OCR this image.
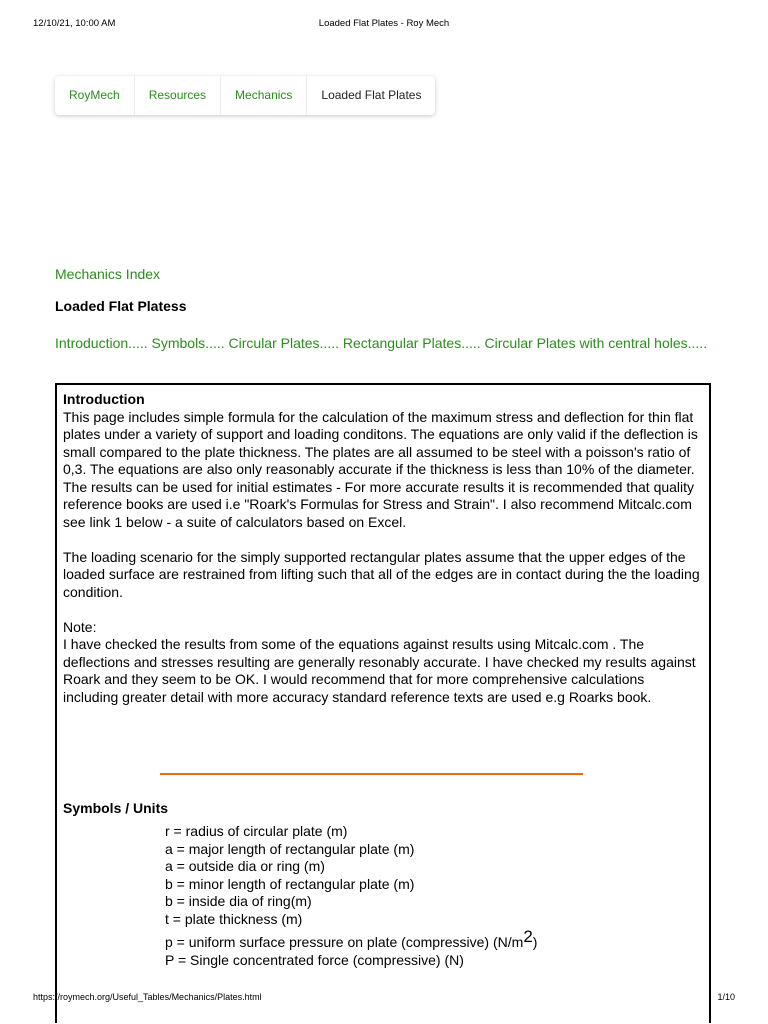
12/10/21, 10:00 AM	Loaded Flat Plates - Roy Mech
RoyMech	Resources	Mechanics	Loaded Flat Plates
Mechanics Index
Loaded Flat Platess
Introduction..... Symbols..... Circular Plates..... Rectangular Plates..... Circular Plates with central holes.....

Introduction

This page includes simple formula for the calculation of the maximum stress and deflection for thin flat plates under a variety of support and loading conditons. The equations are only valid if the deflection is small compared to the plate thickness. The plates are all assumed to be steel with a poisson's ratio of 0,3. The equations are also only reasonably accurate if the thickness is less than 10% of the diameter. The results can be used for initial estimates - For more accurate results it is recommended that quality reference books are used i.e "Roark's Formulas for Stress and Strain". I also recommend Mitcalc.com see link 1 below - a suite of calculators based on Excel.

The loading scenario for the simply supported rectangular plates assume that the upper edges of the loaded surface are restrained from lifting such that all of the edges are in contact during the the loading condition.

Note:

I have checked the results from some of the equations against results using Mitcalc.com . The deflections and stresses resulting are generally resonably accurate. I have checked my results against Roark and they seem to be OK. I would recommend that for more comprehensive calculations including greater detail with more accuracy standard reference texts are used e.g Roarks book.

Symbols / Units
r = radius of circular plate (m)
a = major length of rectangular plate (m)
a = outside dia or ring (m)
b = minor length of rectangular plate (m)
b = inside dia of ring(m)
t = plate thickness (m)
p = uniform surface pressure on plate (compressive) (N/m2)
P = Single concentrated force (compressive) (N)
https://roymech.org/Useful_Tables/Mechanics/Plates.html	1/10
